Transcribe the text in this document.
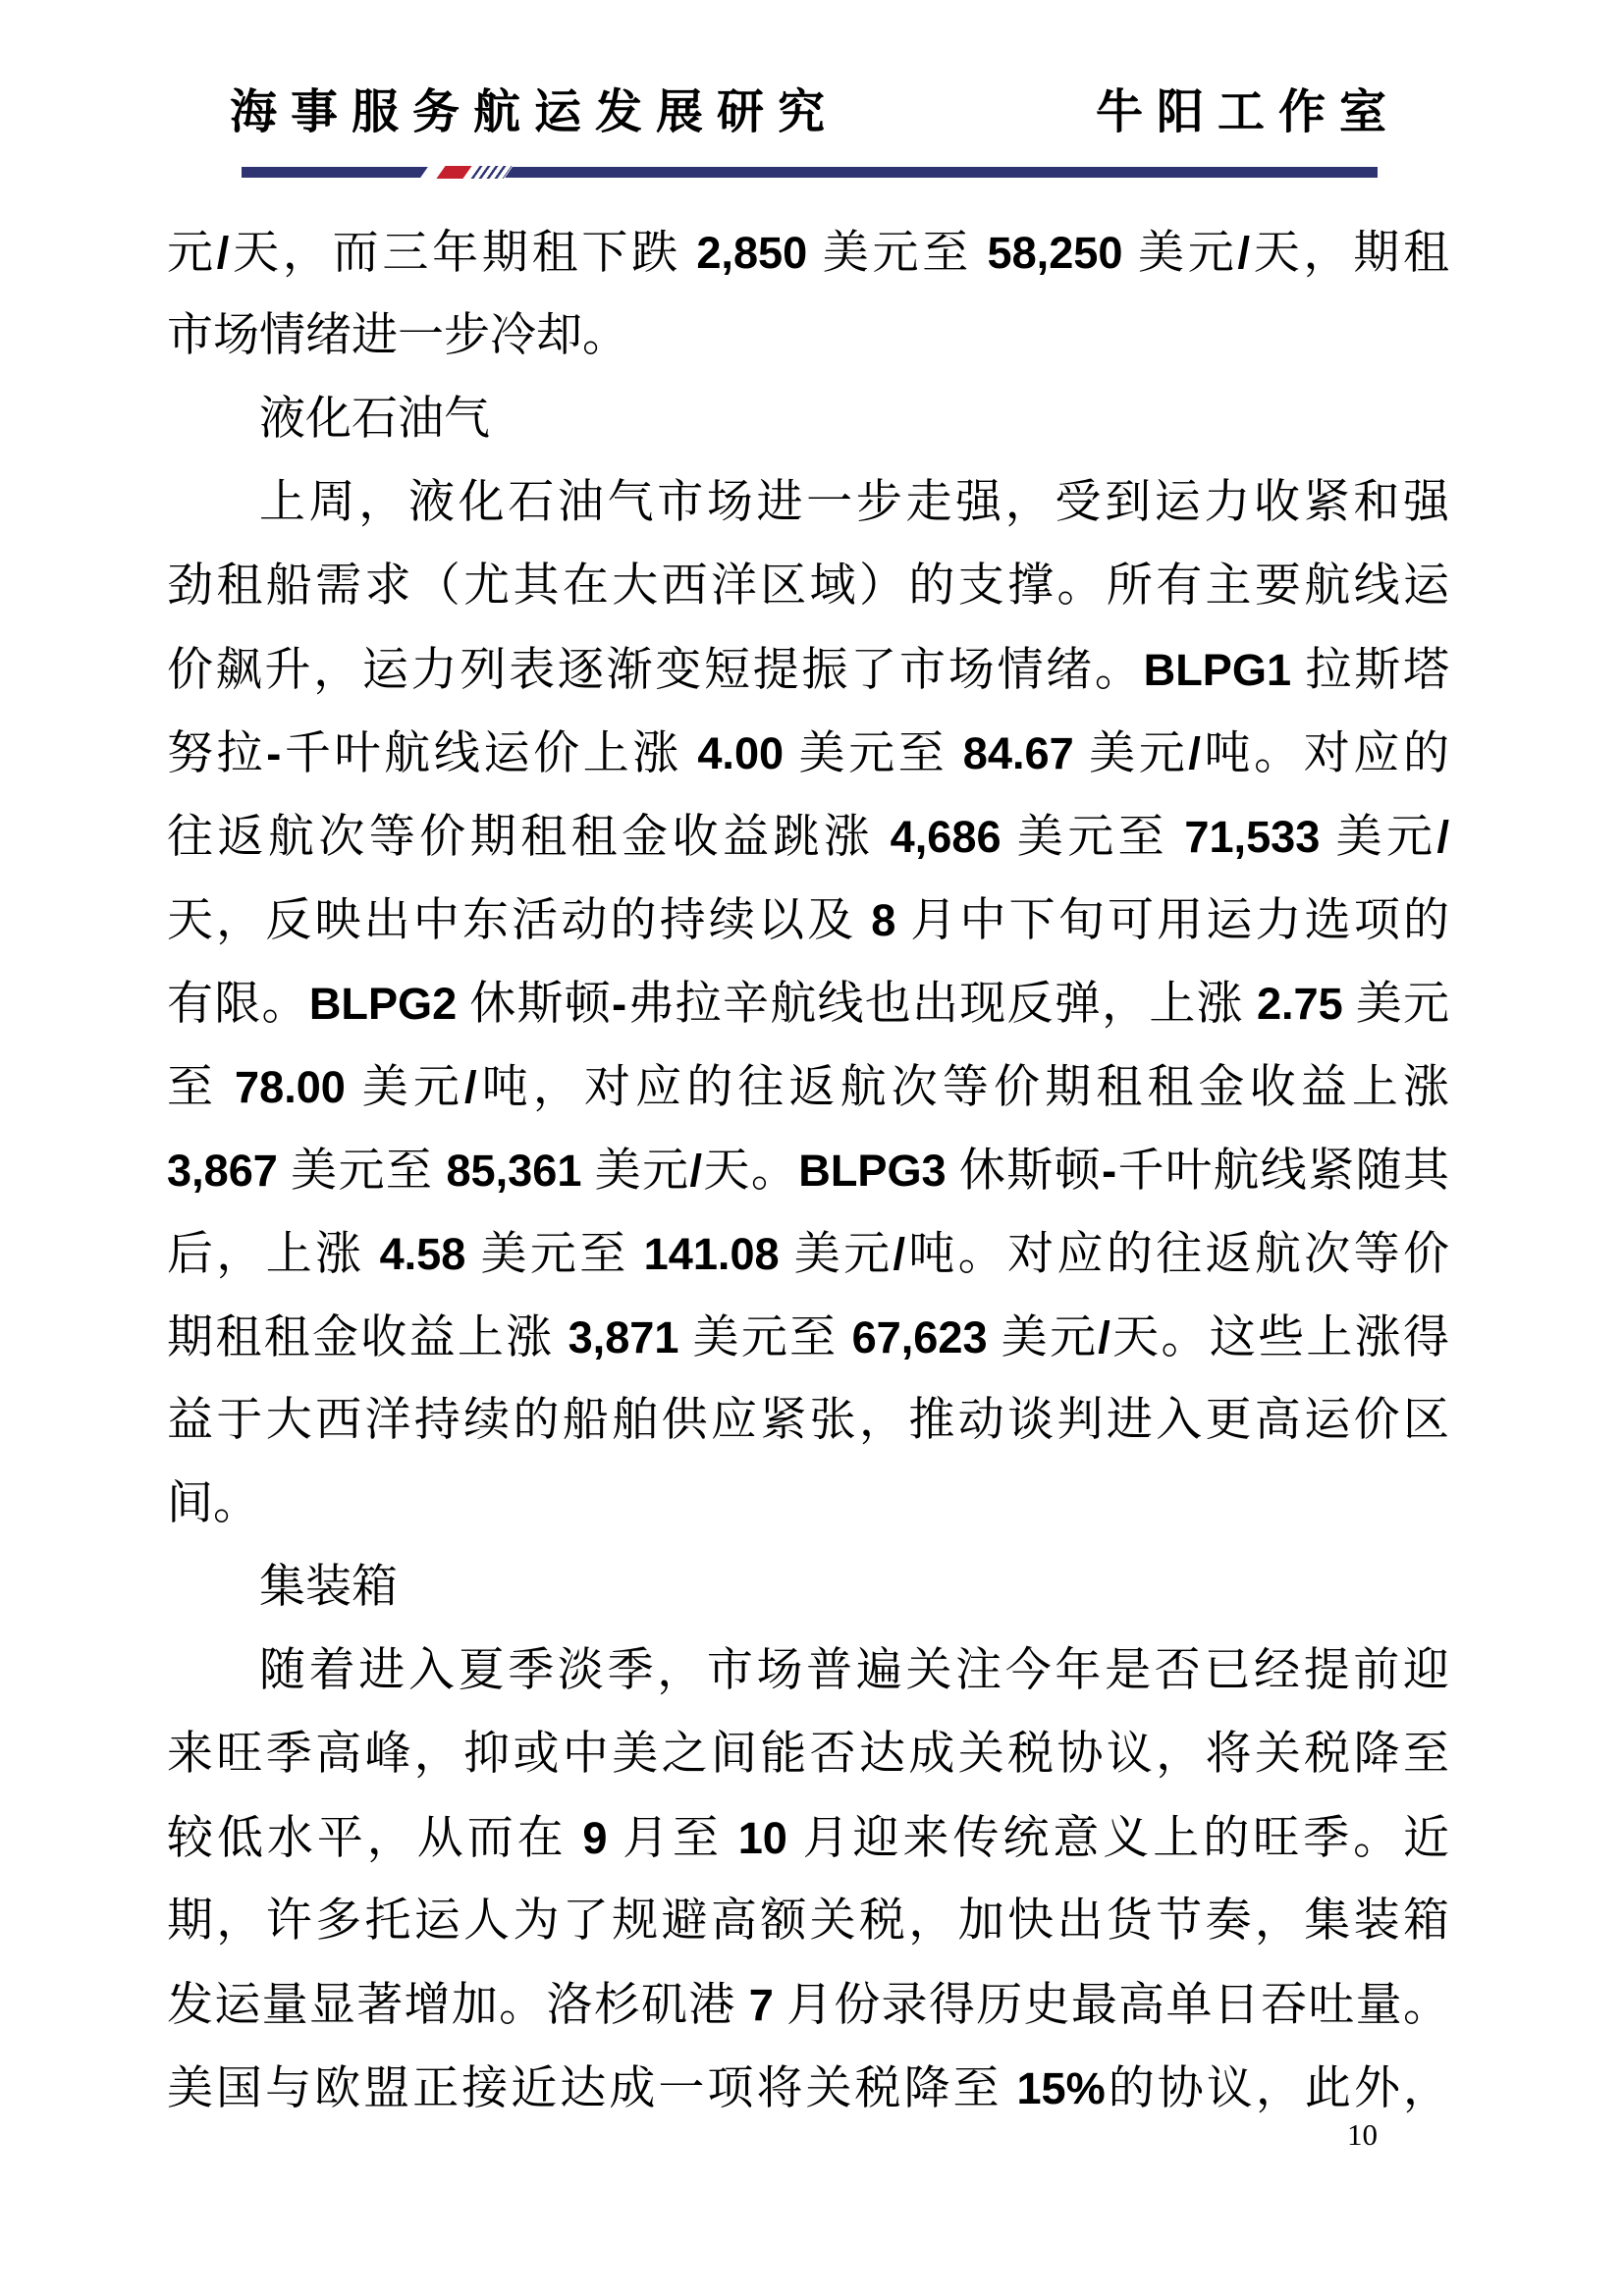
海事服务航运发展研究	牛阳工作室
元/天，而三年期租下跌 2,850 美元至 58,250 美元/天，期租
市场情绪进一步冷却。
液化石油气
上周，液化石油气市场进一步走强，受到运力收紧和强
劲租船需求（尤其在大西洋区域）的支撑。所有主要航线运
价飙升，运力列表逐渐变短提振了市场情绪。BLPG1 拉斯塔
努拉-千叶航线运价上涨 4.00 美元至 84.67 美元/吨。对应的
往返航次等价期租租金收益跳涨 4,686 美元至 71,533 美元/
天，反映出中东活动的持续以及 8 月中下旬可用运力选项的
有限。BLPG2 休斯顿-弗拉辛航线也出现反弹，上涨 2.75 美元
至 78.00 美元/吨，对应的往返航次等价期租租金收益上涨
3,867 美元至 85,361 美元/天。BLPG3 休斯顿-千叶航线紧随其
后，上涨 4.58 美元至 141.08 美元/吨。对应的往返航次等价
期租租金收益上涨 3,871 美元至 67,623 美元/天。这些上涨得
益于大西洋持续的船舶供应紧张，推动谈判进入更高运价区
间。
集装箱
随着进入夏季淡季，市场普遍关注今年是否已经提前迎
来旺季高峰，抑或中美之间能否达成关税协议，将关税降至
较低水平，从而在 9 月至 10 月迎来传统意义上的旺季。近
期，许多托运人为了规避高额关税，加快出货节奏，集装箱
发运量显著增加。洛杉矶港 7 月份录得历史最高单日吞吐量。
美国与欧盟正接近达成一项将关税降至 15%的协议，此外，
10
